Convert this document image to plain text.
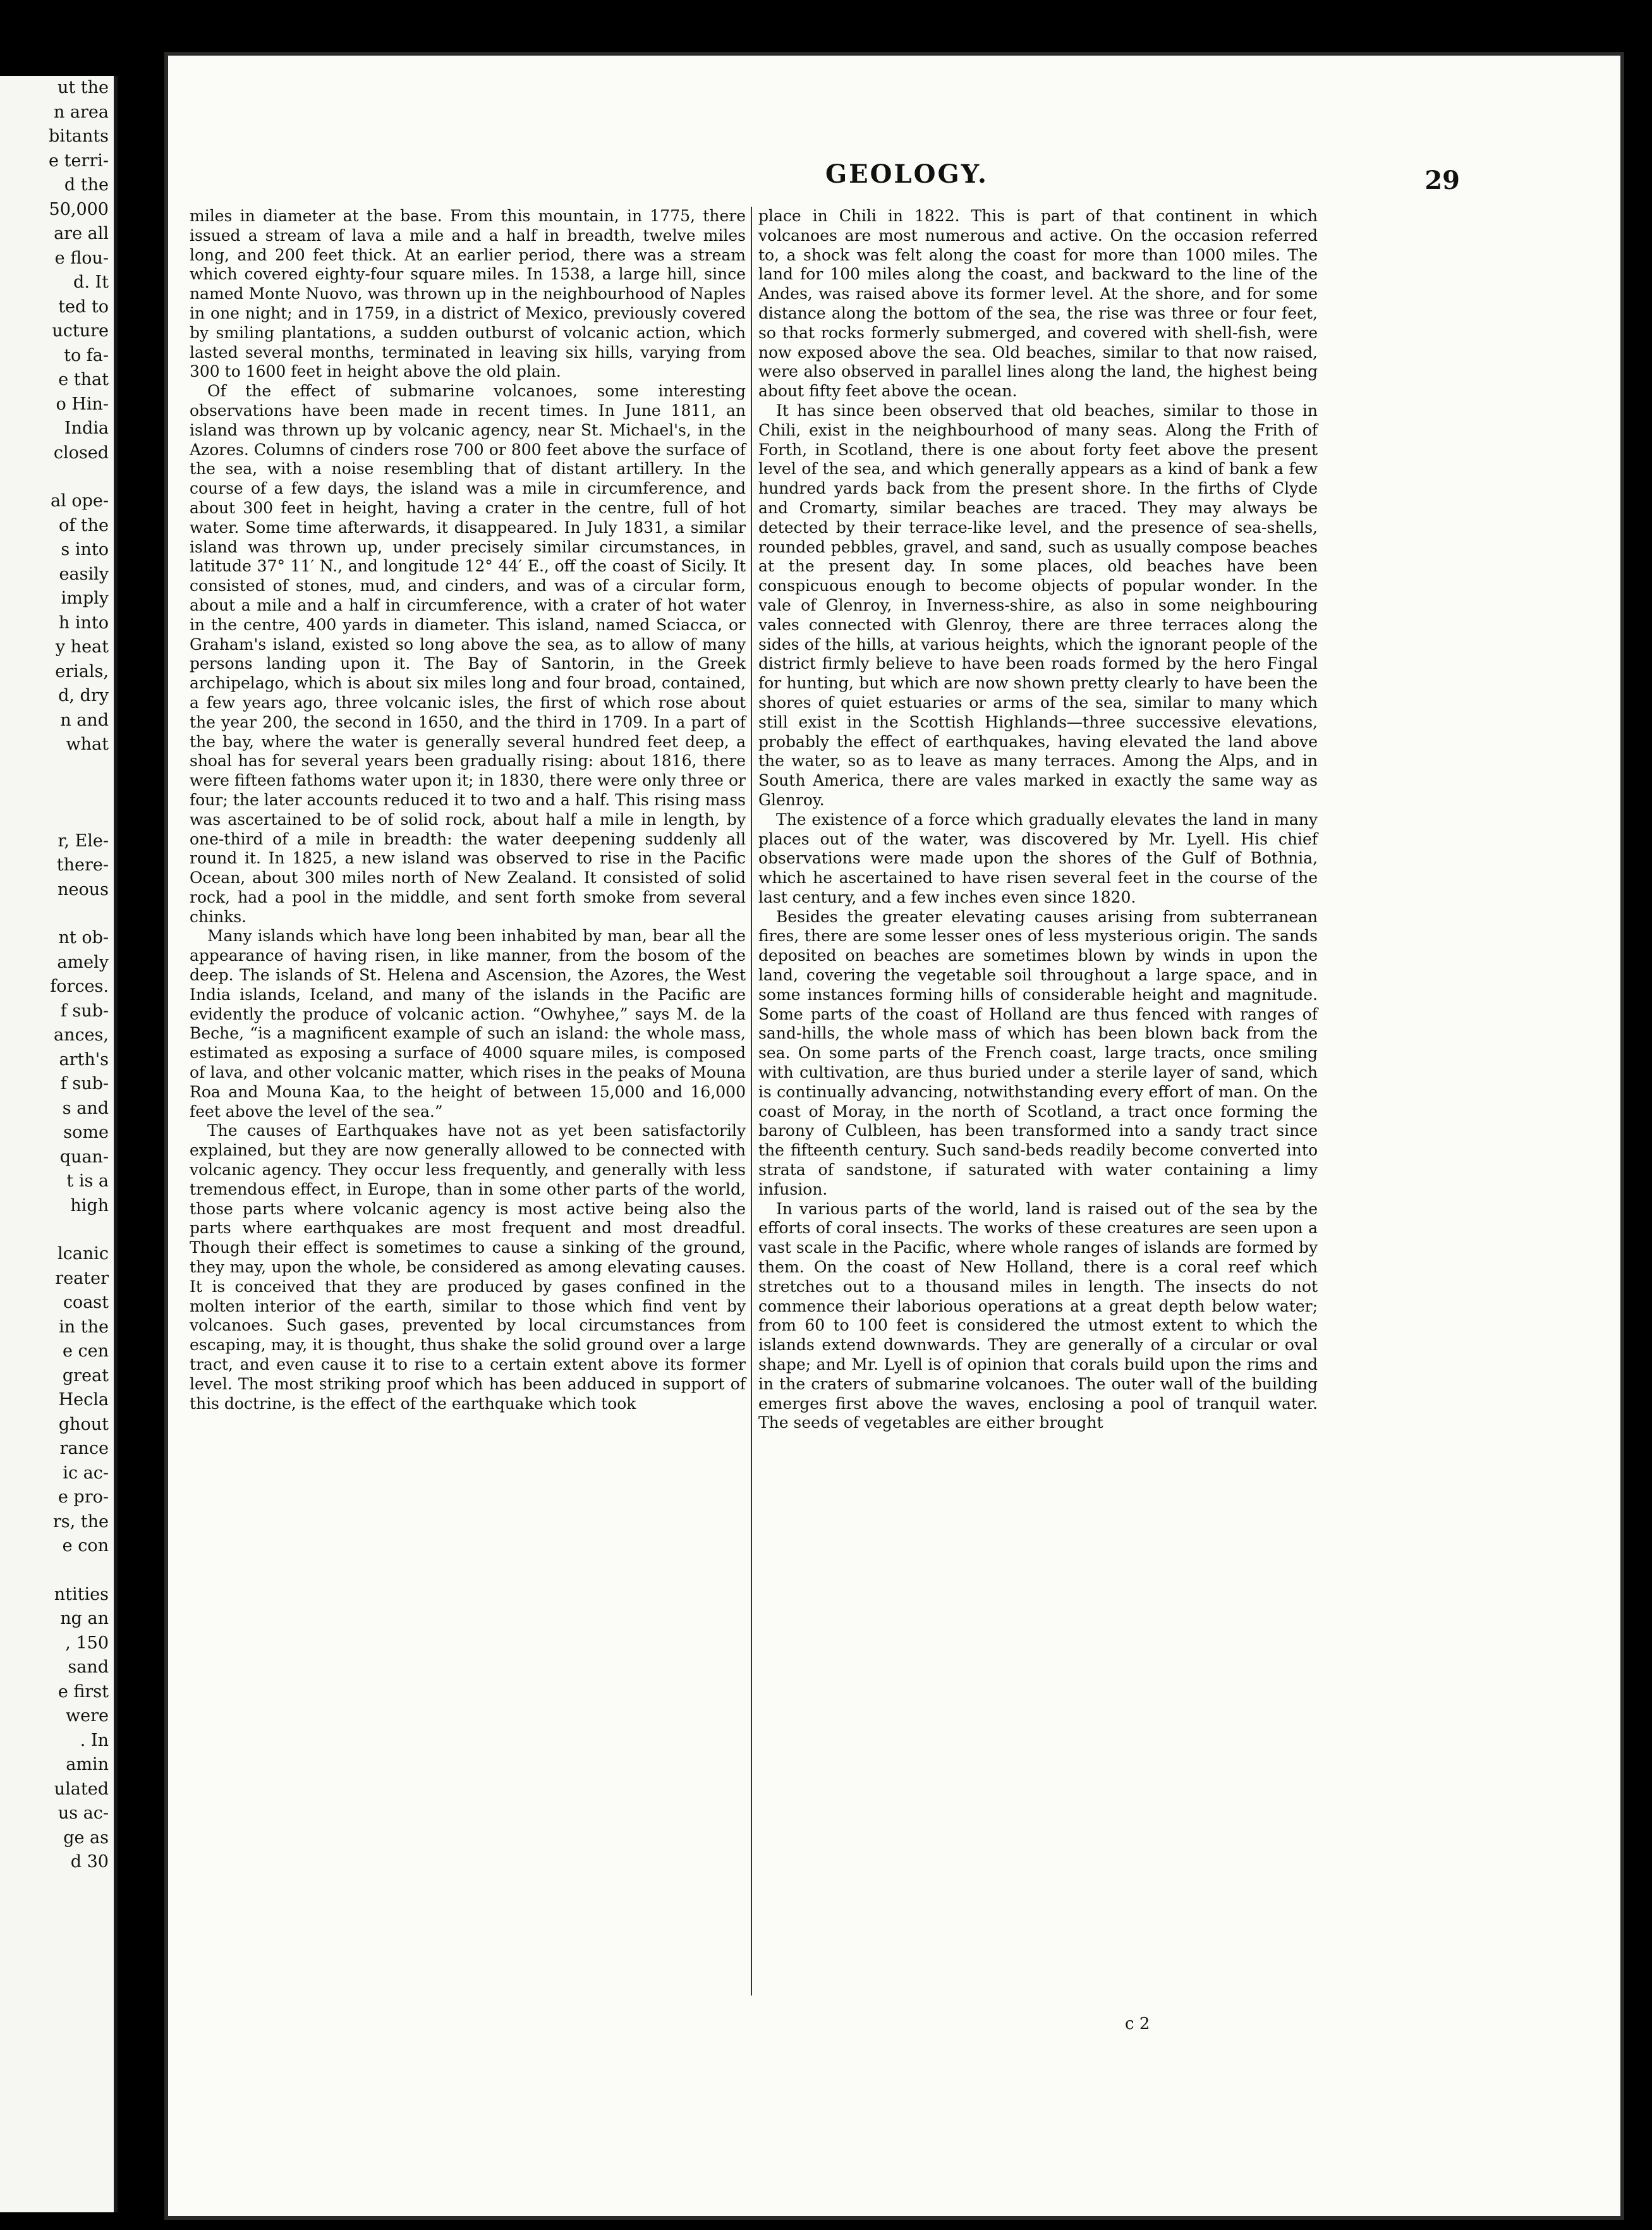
ut the
n area
bitants
e terri-
d the
50,000
are all
e flou-
d. It
ted to
ucture
to fa-
e that
o Hin-
India
closed
al ope-
of the
s into
easily
imply
h into
y heat
erials,
d, dry
n and
what
r, Ele-
there-
neous
nt ob-
amely
forces.
f sub-
ances,
arth's
f sub-
s and
some
quan-
t is a
high
lcanic
reater
coast
in the
e cen
great
Hecla
ghout
rance
ic ac-
e pro-
rs, the
e con
ntities
ng an
, 150
sand
e first
were
. In
amin
ulated
us ac-
ge as
d 30
GEOLOGY.	29

miles in diameter at the base. From this mountain, in 1775, there issued a stream of lava a mile and a half in breadth, twelve miles long, and 200 feet thick. At an earlier period, there was a stream which covered eighty-four square miles. In 1538, a large hill, since named Monte Nuovo, was thrown up in the neighbourhood of Naples in one night; and in 1759, in a district of Mexico, previously covered by smiling plantations, a sudden outburst of volcanic action, which lasted several months, terminated in leaving six hills, varying from 300 to 1600 feet in height above the old plain.

Of the effect of submarine volcanoes, some interesting observations have been made in recent times. In June 1811, an island was thrown up by volcanic agency, near St. Michael's, in the Azores. Columns of cinders rose 700 or 800 feet above the surface of the sea, with a noise resembling that of distant artillery. In the course of a few days, the island was a mile in circumference, and about 300 feet in height, having a crater in the centre, full of hot water. Some time afterwards, it disappeared. In July 1831, a similar island was thrown up, under precisely similar circumstances, in latitude 37° 11′ N., and longitude 12° 44′ E., off the coast of Sicily. It consisted of stones, mud, and cinders, and was of a circular form, about a mile and a half in circumference, with a crater of hot water in the centre, 400 yards in diameter. This island, named Sciacca, or Graham's island, existed so long above the sea, as to allow of many persons landing upon it. The Bay of Santorin, in the Greek archipelago, which is about six miles long and four broad, contained, a few years ago, three volcanic isles, the first of which rose about the year 200, the second in 1650, and the third in 1709. In a part of the bay, where the water is generally several hundred feet deep, a shoal has for several years been gradually rising: about 1816, there were fifteen fathoms water upon it; in 1830, there were only three or four; the later accounts reduced it to two and a half. This rising mass was ascertained to be of solid rock, about half a mile in length, by one-third of a mile in breadth: the water deepening suddenly all round it. In 1825, a new island was observed to rise in the Pacific Ocean, about 300 miles north of New Zealand. It consisted of solid rock, had a pool in the middle, and sent forth smoke from several chinks.

Many islands which have long been inhabited by man, bear all the appearance of having risen, in like manner, from the bosom of the deep. The islands of St. Helena and Ascension, the Azores, the West India islands, Iceland, and many of the islands in the Pacific are evidently the produce of volcanic action. “Owhyhee,” says M. de la Beche, “is a magnificent example of such an island: the whole mass, estimated as exposing a surface of 4000 square miles, is composed of lava, and other volcanic matter, which rises in the peaks of Mouna Roa and Mouna Kaa, to the height of between 15,000 and 16,000 feet above the level of the sea.”

The causes of Earthquakes have not as yet been satisfactorily explained, but they are now generally allowed to be connected with volcanic agency. They occur less frequently, and generally with less tremendous effect, in Europe, than in some other parts of the world, those parts where volcanic agency is most active being also the parts where earthquakes are most frequent and most dreadful. Though their effect is sometimes to cause a sinking of the ground, they may, upon the whole, be considered as among elevating causes. It is conceived that they are produced by gases confined in the molten interior of the earth, similar to those which find vent by volcanoes. Such gases, prevented by local circumstances from escaping, may, it is thought, thus shake the solid ground over a large tract, and even cause it to rise to a certain extent above its former level. The most striking proof which has been adduced in support of this doctrine, is the effect of the earthquake which took

place in Chili in 1822. This is part of that continent in which volcanoes are most numerous and active. On the occasion referred to, a shock was felt along the coast for more than 1000 miles. The land for 100 miles along the coast, and backward to the line of the Andes, was raised above its former level. At the shore, and for some distance along the bottom of the sea, the rise was three or four feet, so that rocks formerly submerged, and covered with shell-fish, were now exposed above the sea. Old beaches, similar to that now raised, were also observed in parallel lines along the land, the highest being about fifty feet above the ocean.

It has since been observed that old beaches, similar to those in Chili, exist in the neighbourhood of many seas. Along the Frith of Forth, in Scotland, there is one about forty feet above the present level of the sea, and which generally appears as a kind of bank a few hundred yards back from the present shore. In the firths of Clyde and Cromarty, similar beaches are traced. They may always be detected by their terrace-like level, and the presence of sea-shells, rounded pebbles, gravel, and sand, such as usually compose beaches at the present day. In some places, old beaches have been conspicuous enough to become objects of popular wonder. In the vale of Glenroy, in Inverness-shire, as also in some neighbouring vales connected with Glenroy, there are three terraces along the sides of the hills, at various heights, which the ignorant people of the district firmly believe to have been roads formed by the hero Fingal for hunting, but which are now shown pretty clearly to have been the shores of quiet estuaries or arms of the sea, similar to many which still exist in the Scottish Highlands—three successive elevations, probably the effect of earthquakes, having elevated the land above the water, so as to leave as many terraces. Among the Alps, and in South America, there are vales marked in exactly the same way as Glenroy.

The existence of a force which gradually elevates the land in many places out of the water, was discovered by Mr. Lyell. His chief observations were made upon the shores of the Gulf of Bothnia, which he ascertained to have risen several feet in the course of the last century, and a few inches even since 1820.

Besides the greater elevating causes arising from subterranean fires, there are some lesser ones of less mysterious origin. The sands deposited on beaches are sometimes blown by winds in upon the land, covering the vegetable soil throughout a large space, and in some instances forming hills of considerable height and magnitude. Some parts of the coast of Holland are thus fenced with ranges of sand-hills, the whole mass of which has been blown back from the sea. On some parts of the French coast, large tracts, once smiling with cultivation, are thus buried under a sterile layer of sand, which is continually advancing, notwithstanding every effort of man. On the coast of Moray, in the north of Scotland, a tract once forming the barony of Culbleen, has been transformed into a sandy tract since the fifteenth century. Such sand-beds readily become converted into strata of sandstone, if saturated with water containing a limy infusion.

In various parts of the world, land is raised out of the sea by the efforts of coral insects. The works of these creatures are seen upon a vast scale in the Pacific, where whole ranges of islands are formed by them. On the coast of New Holland, there is a coral reef which stretches out to a thousand miles in length. The insects do not commence their laborious operations at a great depth below water; from 60 to 100 feet is considered the utmost extent to which the islands extend downwards. They are generally of a circular or oval shape; and Mr. Lyell is of opinion that corals build upon the rims and in the craters of submarine volcanoes. The outer wall of the building emerges first above the waves, enclosing a pool of tranquil water. The seeds of vegetables are either brought

c 2
